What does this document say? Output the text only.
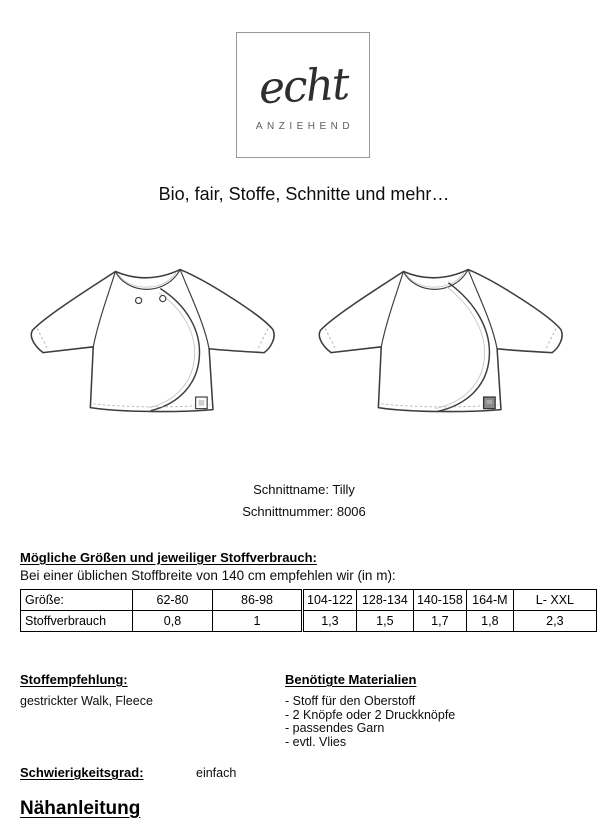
echt
ANZIEHEND
Bio, fair, Stoffe, Schnitte und mehr…
Schnittname: Tilly
Schnittnummer: 8006
Mögliche Größen und jeweiliger Stoffverbrauch:
Bei einer üblichen Stoffbreite von 140 cm empfehlen wir (in m):
Größe:	62-80	86-98	104-122	128-134	140-158	164-M	L- XXL
Stoffverbrauch	0,8	1	1,3	1,5	1,7	1,8	2,3
Stoffempfehlung:
gestrickter Walk, Fleece
Benötigte Materialien
- Stoff für den Oberstoff
- 2 Knöpfe oder 2 Druckknöpfe
- passendes Garn
- evtl. Vlies
Schwierigkeitsgrad:	einfach
Nähanleitung
